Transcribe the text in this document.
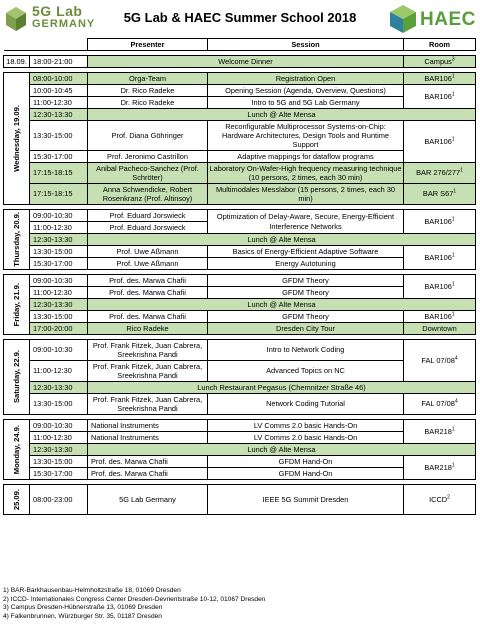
5G Lab
GERMANY 5G Lab & HAEC Summer School 2018	HAEC
		Presenter	Session	Room

18.09.	18:00-21:00	Welcome Dinner		Campus$^3$

Wednesday, 19.09.	08:00-10:00	Orga-Team	Registration Open	$BAR106^1$
	10:00-10:45	Dr. Rico Radeke	Opening Session (Agenda, Overview, Questions)	$BAR106^1$
	11:00-12:30	Dr. Rico Radeke	Intro to 5G and 5G Lab Germany	
	12:30-13:30	Lunch @ Alte Mensa		
	13:30-15:00	Prof. Diana Göhringer	Reconfigurable Multiprocessor Systems-on-Chip: Hardware Architectures, Design Tools and Runtime Support	$BAR106^1$
	15:30-17:00	Prof. Jeronimo Castrillon	Adaptive mappings for dataflow programs	
	17:15-18:15	Anibal Pacheco-Sanchez (Prof. Schröter)	Laboratory On-Wafer-High frequency measuring technique (10 persons, 2 times, each 30 min)	BAR $276/277^1$
	17:15-18:15	Anna Schwendicke, Robert Rosenkranz (Prof. Altinsoy)	Multimodales Messlabor (15 persons, 2 times, each 30 min)	BAR $S67^1$

Thursday, 20.9.	09:00-10:30	Prof. Eduard Jorswieck	Optimization of Delay-Aware, Secure, Energy-Efficient Interference Networks	$BAR106^1$
	11:00-12:30	Prof. Eduard Jorswieck		
	12:30-13:30	Lunch @ Alte Mensa		
	13:30-15:00	Prof. Uwe Aßmann	Basics of Energy-Efficient Adaptive Software	$BAR106^1$
	15:30-17:00	Prof. Uwe Aßmann	Energy Autotuning	

Friday, 21.9.	09:00-10:30	Prof. des. Marwa Chafii	GFDM Theory	$BAR106^1$
	11:00-12:30	Prof. des. Marwa Chafii	GFDM Theory	
	12:30-13:30	Lunch @ Alte Mensa		
	13:30-15:00	Prof. des. Marwa Chafii	GFDM Theory	$BAR106^1$
	17:00-20:00	Rico Radeke	Dresden City Tour	Downtown

Saturday, 22.9.	09:00-10:30	Prof. Frank Fitzek, Juan Cabrera, Sreekrishna Pandi	Intro to Network Coding	FAL $07/08^4$
	11:00-12:30	Prof. Frank Fitzek, Juan Cabrera, Sreekrishna Pandi	Advanced Topics on NC	
	12:30-13:30	Lunch Restaurant Pegasus (Chemnitzer Straße 46)		
	13:30-15:00	Prof. Frank Fitzek, Juan Cabrera, Sreekrishna Pandi	Network Coding Tutorial	FAL $07/08^4$

Monday, 24.9.	09:00-10:30	National Instruments	LV Comms 2.0 basic Hands-On	$BAR218^1$
	11:00-12:30	National Instruments	LV Comms 2.0 basic Hands-On	
	12:30-13:30	Lunch @ Alte Mensa		
	13:30-15:00	Prof. des. Marwa Chafii	GFDM Hand-On	$BAR218^1$
	15:30-17:00	Prof. des. Marwa Chafii	GFDM Hand-On	

25.09.	08:00-23:00	5G Lab Germany	IEEE 5G Summit Dresden	ICCD$^2$
1) BAR-Barkhausenbau-Helmholtzstraße 18, 01069 Dresden
2) ICCD- Internationales Congress Center Dresden-Devrientstraße 10-12, 01067 Dresden
3) Campus Dresden-Hübnerstraße 13, 01069 Dresden
4) Falkenbrunnen, Würzburger Str. 35, 01187 Dresden
